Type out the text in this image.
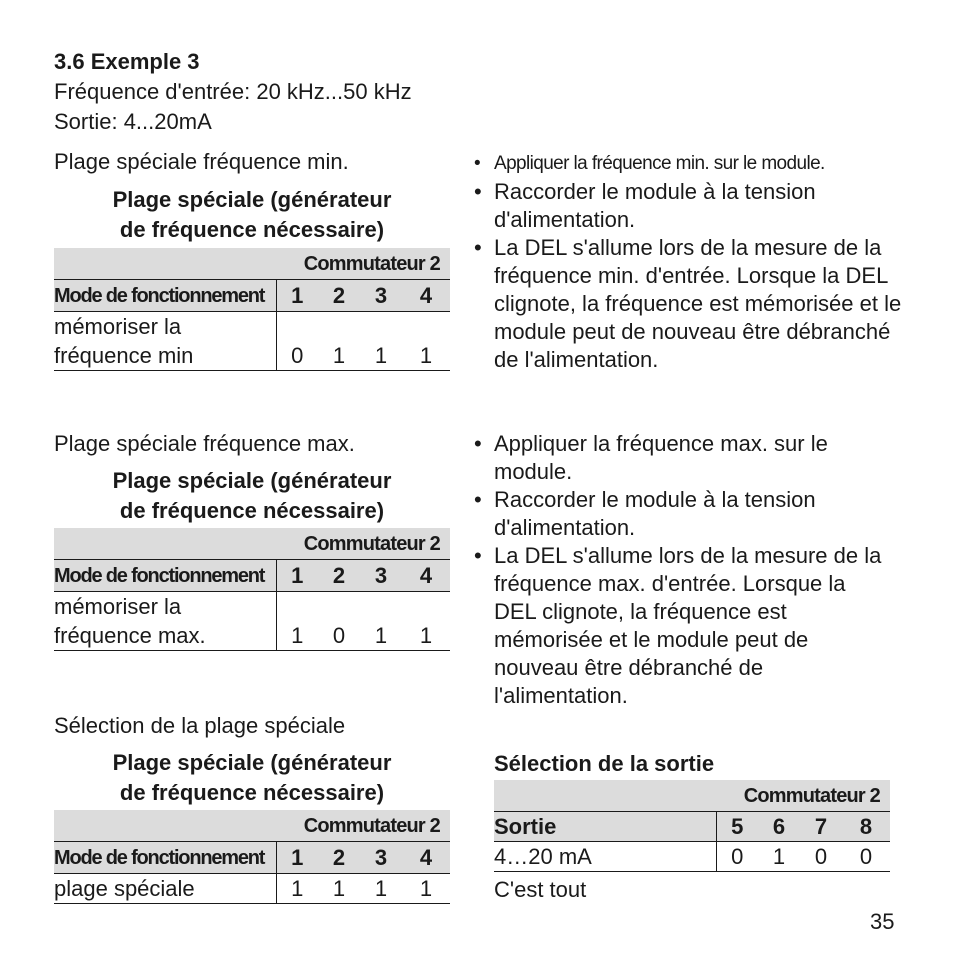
3.6 Exemple 3
Fréquence d'entrée: 20 kHz...50 kHz
Sortie: 4...20mA
Plage spéciale fréquence min.
Plage spéciale (générateur
de fréquence nécessaire)
	Commutateur 2			
Mode de fonctionnement	1	2	3	4
mémoriser la				
fréquence min	0	1	1	1
• Appliquer la fréquence min. sur le module.
• Raccorder le module à la tension d'alimentation.
• La DEL s'allume lors de la mesure de la fréquence min. d'entrée. Lorsque la DEL clignote, la fréquence est mémorisée et le module peut de nouveau être débranché de l'alimentation.
Plage spéciale fréquence max.
Plage spéciale (générateur
de fréquence nécessaire)
	Commutateur 2			
Mode de fonctionnement	1	2	3	4
mémoriser la				
fréquence max.	1	0	1	1
• Appliquer la fréquence max. sur le module.
• Raccorder le module à la tension d'alimentation.
• La DEL s'allume lors de la mesure de la fréquence max. d'entrée. Lorsque la DEL clignote, la fréquence est mémorisée et le module peut de nouveau être débranché de l'alimentation.
Sélection de la plage spéciale
Plage spéciale (générateur
de fréquence nécessaire)
	Commutateur 2			
Mode de fonctionnement	1	2	3	4
plage spéciale	1	1	1	1
Sélection de la sortie
	Commutateur 2			
Sortie	5	6	7	8
4…20 mA	0	1	0	0
C'est tout
35
